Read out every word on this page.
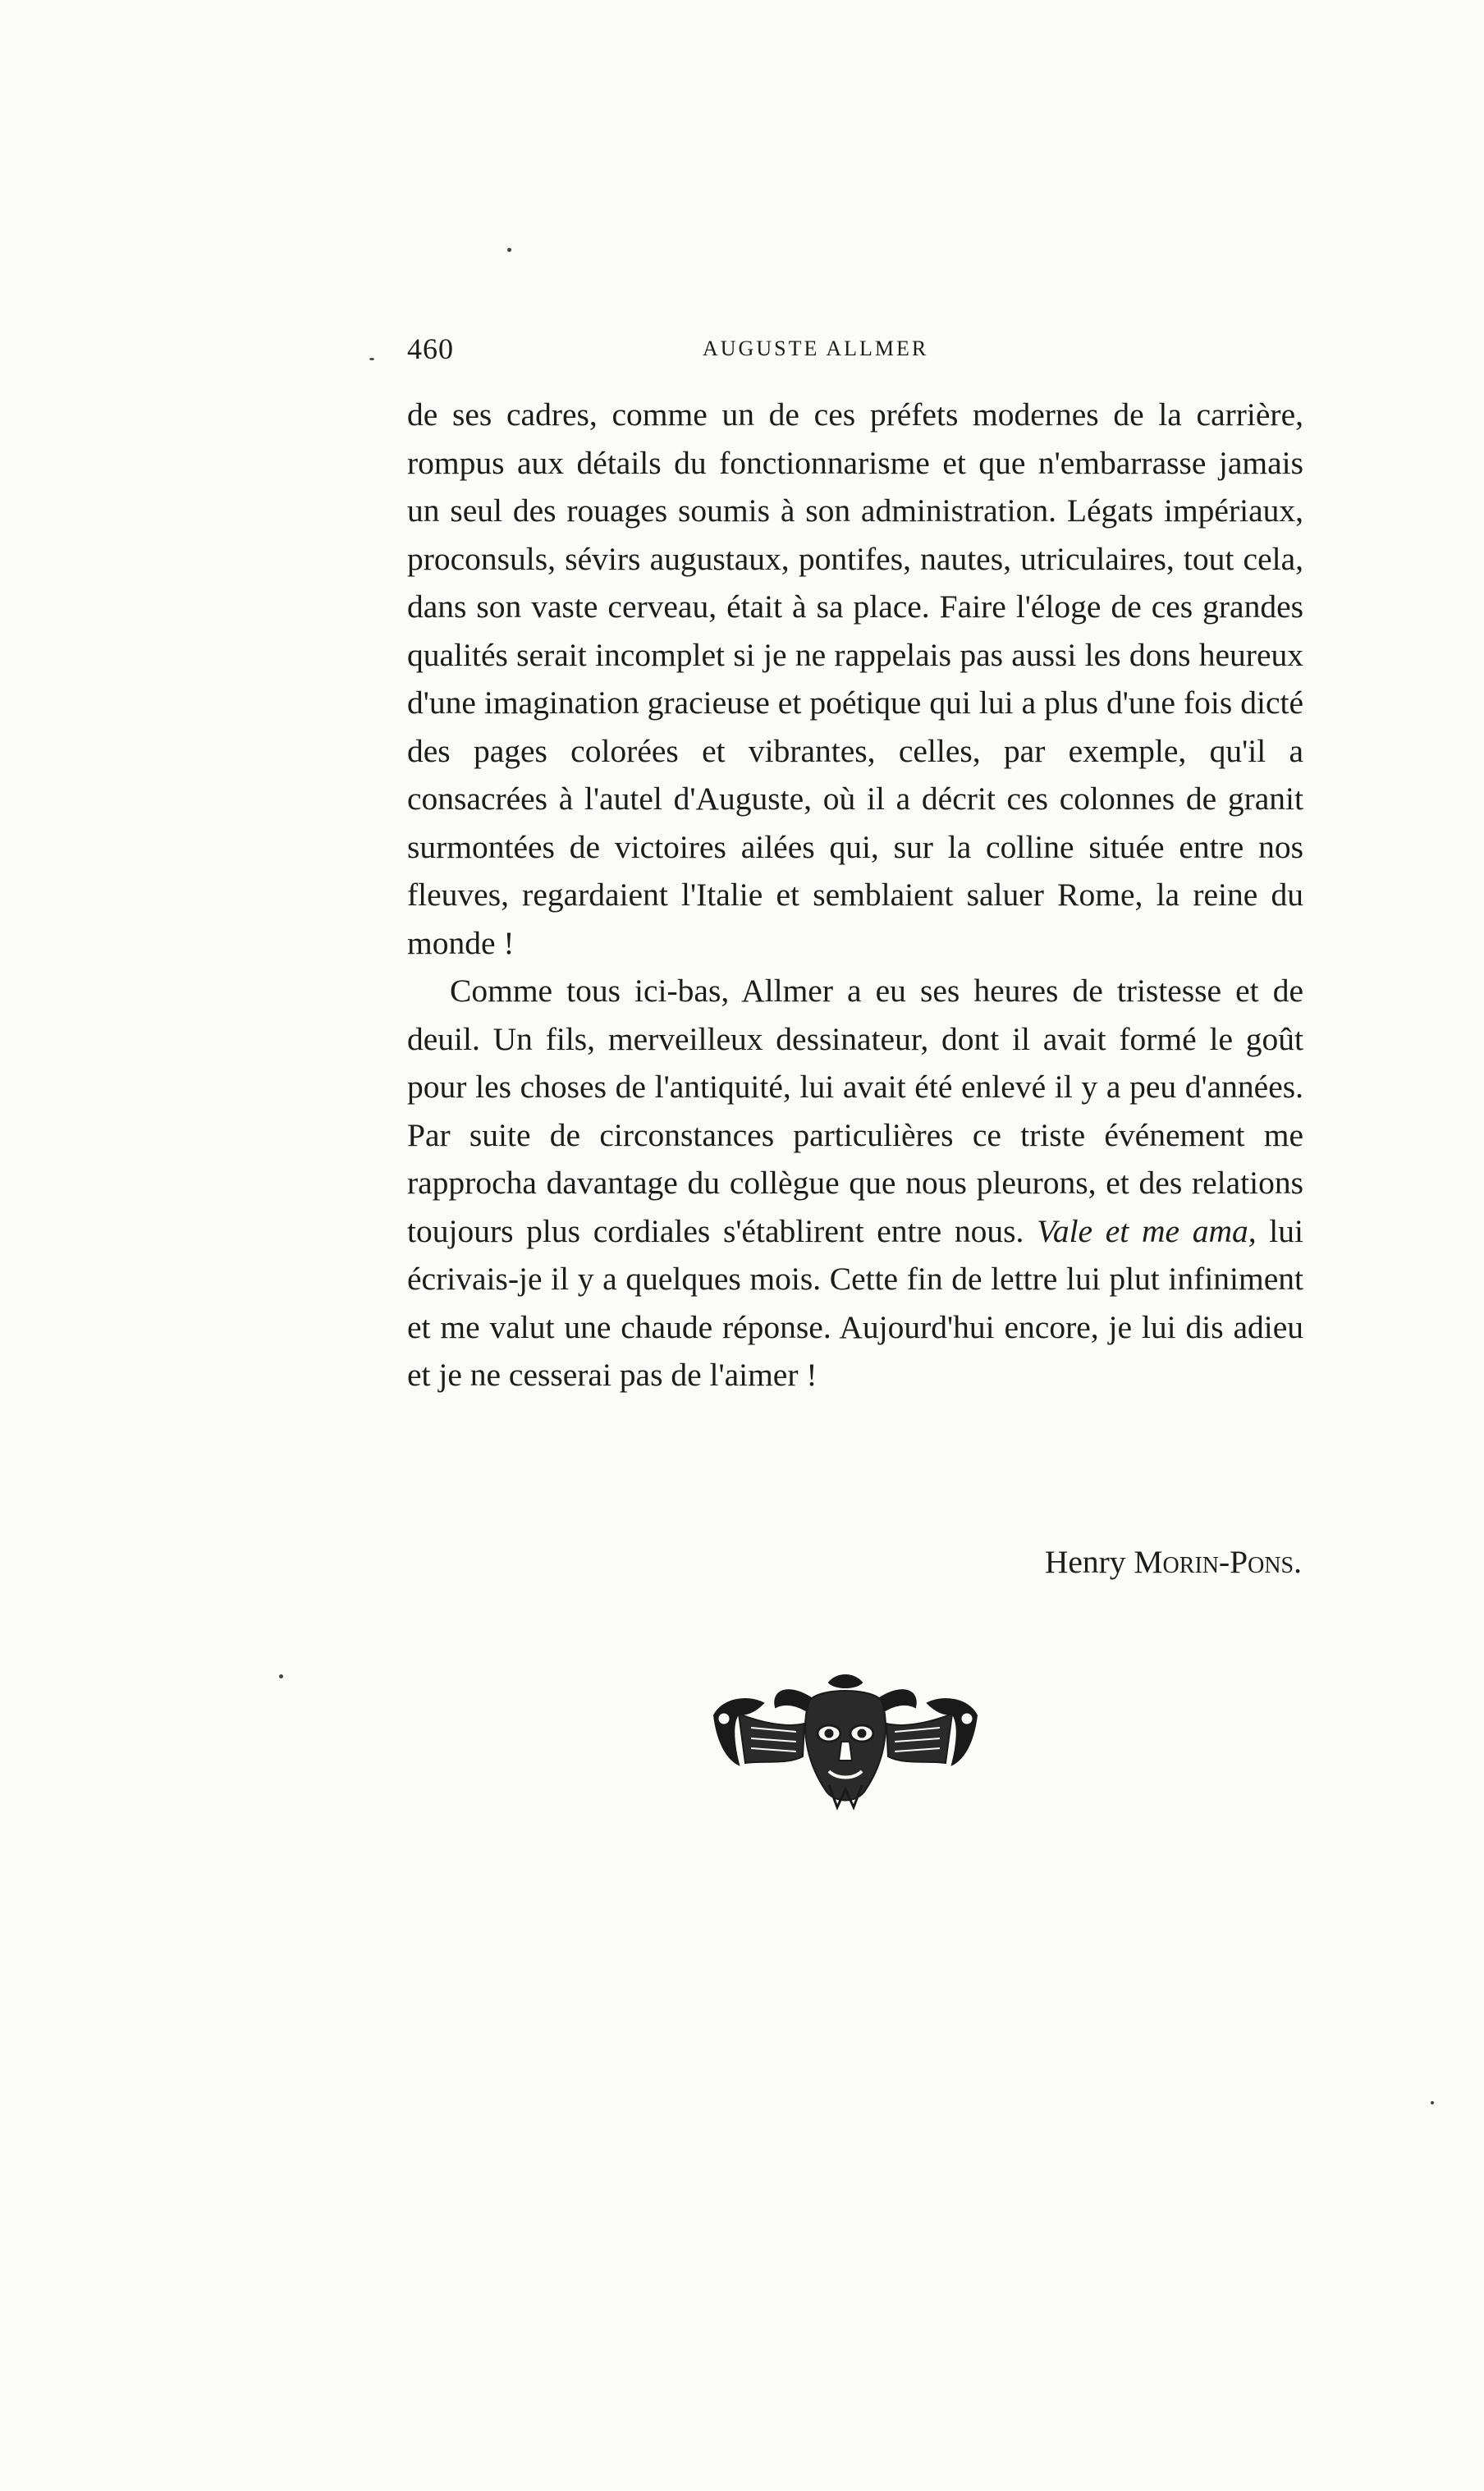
460	AUGUSTE ALLMER

de ses cadres, comme un de ces préfets modernes de la carrière, rompus aux détails du fonctionnarisme et que n'embarrasse jamais un seul des rouages soumis à son administration. Légats impériaux, proconsuls, sévirs augustaux, pontifes, nautes, utriculaires, tout cela, dans son vaste cerveau, était à sa place. Faire l'éloge de ces grandes qualités serait incomplet si je ne rappelais pas aussi les dons heureux d'une imagination gracieuse et poétique qui lui a plus d'une fois dicté des pages colorées et vibrantes, celles, par exemple, qu'il a consacrées à l'autel d'Auguste, où il a décrit ces colonnes de granit surmontées de victoires ailées qui, sur la colline située entre nos fleuves, regardaient l'Italie et semblaient saluer Rome, la reine du monde !

Comme tous ici-bas, Allmer a eu ses heures de tristesse et de deuil. Un fils, merveilleux dessinateur, dont il avait formé le goût pour les choses de l'antiquité, lui avait été enlevé il y a peu d'années. Par suite de circonstances particulières ce triste événement me rapprocha davantage du collègue que nous pleurons, et des relations toujours plus cordiales s'établirent entre nous. Vale et me ama, lui écrivais-je il y a quelques mois. Cette fin de lettre lui plut infiniment et me valut une chaude réponse. Aujourd'hui encore, je lui dis adieu et je ne cesserai pas de l'aimer !

Henry Morin-Pons.
